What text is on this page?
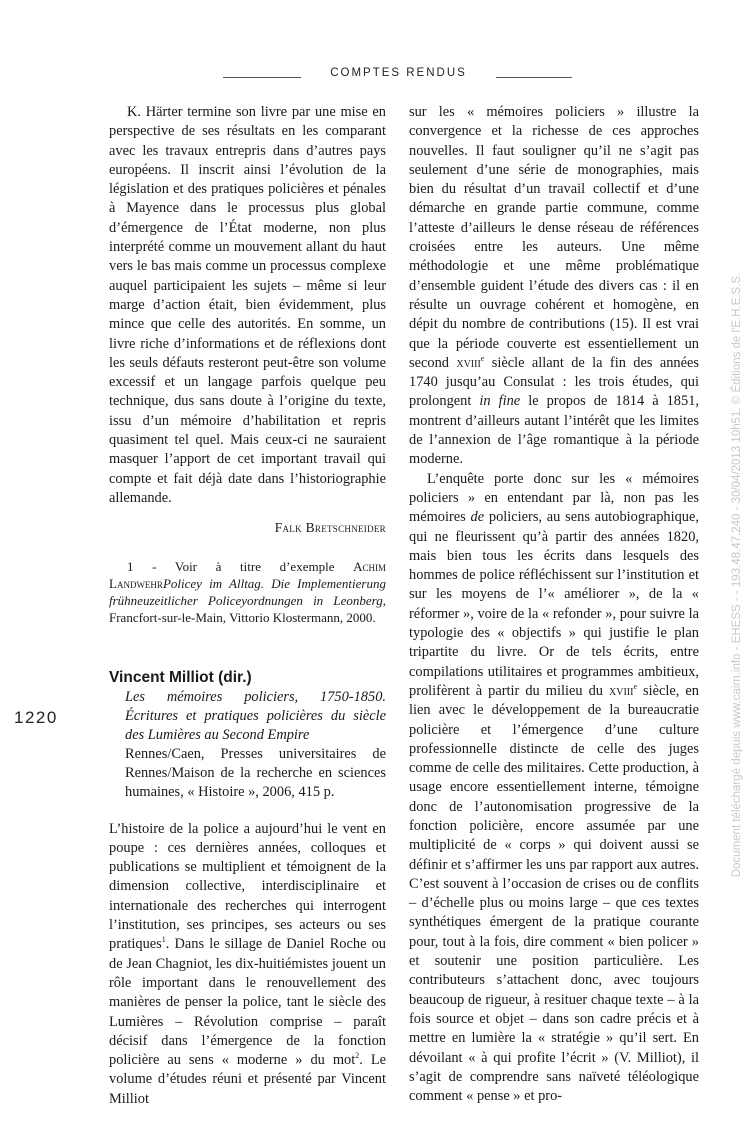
COMPTES RENDUS

K. Härter termine son livre par une mise en perspective de ses résultats en les comparant avec les travaux entrepris dans d’autres pays européens. Il inscrit ainsi l’évolution de la législation et des pratiques policières et pénales à Mayence dans le processus plus global d’émergence de l’État moderne, non plus interprété comme un mouvement allant du haut vers le bas mais comme un processus complexe auquel participaient les sujets – même si leur marge d’action était, bien évidemment, plus mince que celle des autorités. En somme, un livre riche d’informations et de réflexions dont les seuls défauts resteront peut-être son volume excessif et un langage parfois quelque peu technique, dus sans doute à l’origine du texte, issu d’un mémoire d’habilitation et repris quasiment tel quel. Mais ceux-ci ne sauraient masquer l’apport de cet important travail qui compte et fait déjà date dans l’historiographie allemande.

Falk Bretschneider

1 - Voir à titre d’exemple Achim LandwehrPolicey im Alltag. Die Implementierung frühneuzeitlicher Policeyordnungen in Leonberg, Francfort-sur-le-Main, Vittorio Klostermann, 2000.

Vincent Milliot (dir.)
Les mémoires policiers, 1750-1850. Écritures et pratiques policières du siècle des Lumières au Second Empire
Rennes/Caen, Presses universitaires de Rennes/Maison de la recherche en sciences humaines, « Histoire », 2006, 415 p.

L’histoire de la police a aujourd’hui le vent en poupe : ces dernières années, colloques et publications se multiplient et témoignent de la dimension collective, interdisciplinaire et internationale des recherches qui interrogent l’institution, ses principes, ses acteurs ou ses pratiques$^1$. Dans le sillage de Daniel Roche ou de Jean Chagniot, les dix-huitiémistes jouent un rôle important dans le renouvellement des manières de penser la police, tant le siècle des Lumières – Révolution comprise – paraît décisif dans l’émergence de la fonction policière au sens « moderne » du mot$^2$. Le volume d’études réuni et présenté par Vincent Milliot

sur les « mémoires policiers » illustre la convergence et la richesse de ces approches nouvelles. Il faut souligner qu’il ne s’agit pas seulement d’une série de monographies, mais bien du résultat d’un travail collectif et d’une démarche en grande partie commune, comme l’atteste d’ailleurs le dense réseau de références croisées entre les auteurs. Une même méthodologie et une même problématique d’ensemble guident l’étude des divers cas : il en résulte un ouvrage cohérent et homogène, en dépit du nombre de contributions (15). Il est vrai que la période couverte est essentiellement un second xviii$^e$ siècle allant de la fin des années 1740 jusqu’au Consulat : les trois études, qui prolongent in fine le propos de 1814 à 1851, montrent d’ailleurs autant l’intérêt que les limites de l’annexion de l’âge romantique à la période moderne.

L’enquête porte donc sur les « mémoires policiers » en entendant par là, non pas les mémoires de policiers, au sens autobiographique, qui ne fleurissent qu’à partir des années 1820, mais bien tous les écrits dans lesquels des hommes de police réfléchissent sur l’institution et sur les moyens de l’« améliorer », de la « réformer », voire de la « refonder », pour suivre la typologie des « objectifs » qui justifie le plan tripartite du livre. Or de tels écrits, entre compilations utilitaires et programmes ambitieux, prolifèrent à partir du milieu du xviii$^e$ siècle, en lien avec le développement de la bureaucratie policière et l’émergence d’une culture professionnelle distincte de celle des juges comme de celle des militaires. Cette production, à usage encore essentiellement interne, témoigne donc de l’autonomisation progressive de la fonction policière, encore assumée par une multiplicité de « corps » qui doivent aussi se définir et s’affirmer les uns par rapport aux autres. C’est souvent à l’occasion de crises ou de conflits – d’échelle plus ou moins large – que ces textes synthétiques émergent de la pratique courante pour, tout à la fois, dire comment « bien policer » et soutenir une position particulière. Les contributeurs s’attachent donc, avec toujours beaucoup de rigueur, à resituer chaque texte – à la fois source et objet – dans son cadre précis et à mettre en lumière la « stratégie » qu’il sert. En dévoilant « à qui profite l’écrit » (V. Milliot), il s’agit de comprendre sans naïveté téléologique comment « pense » et pro-

1220	Document téléchargé depuis www.cairn.info - EHESS - - 193.48.47.240 - 30/04/2013 10h51. © Éditions de l'E.H.E.S.S.
